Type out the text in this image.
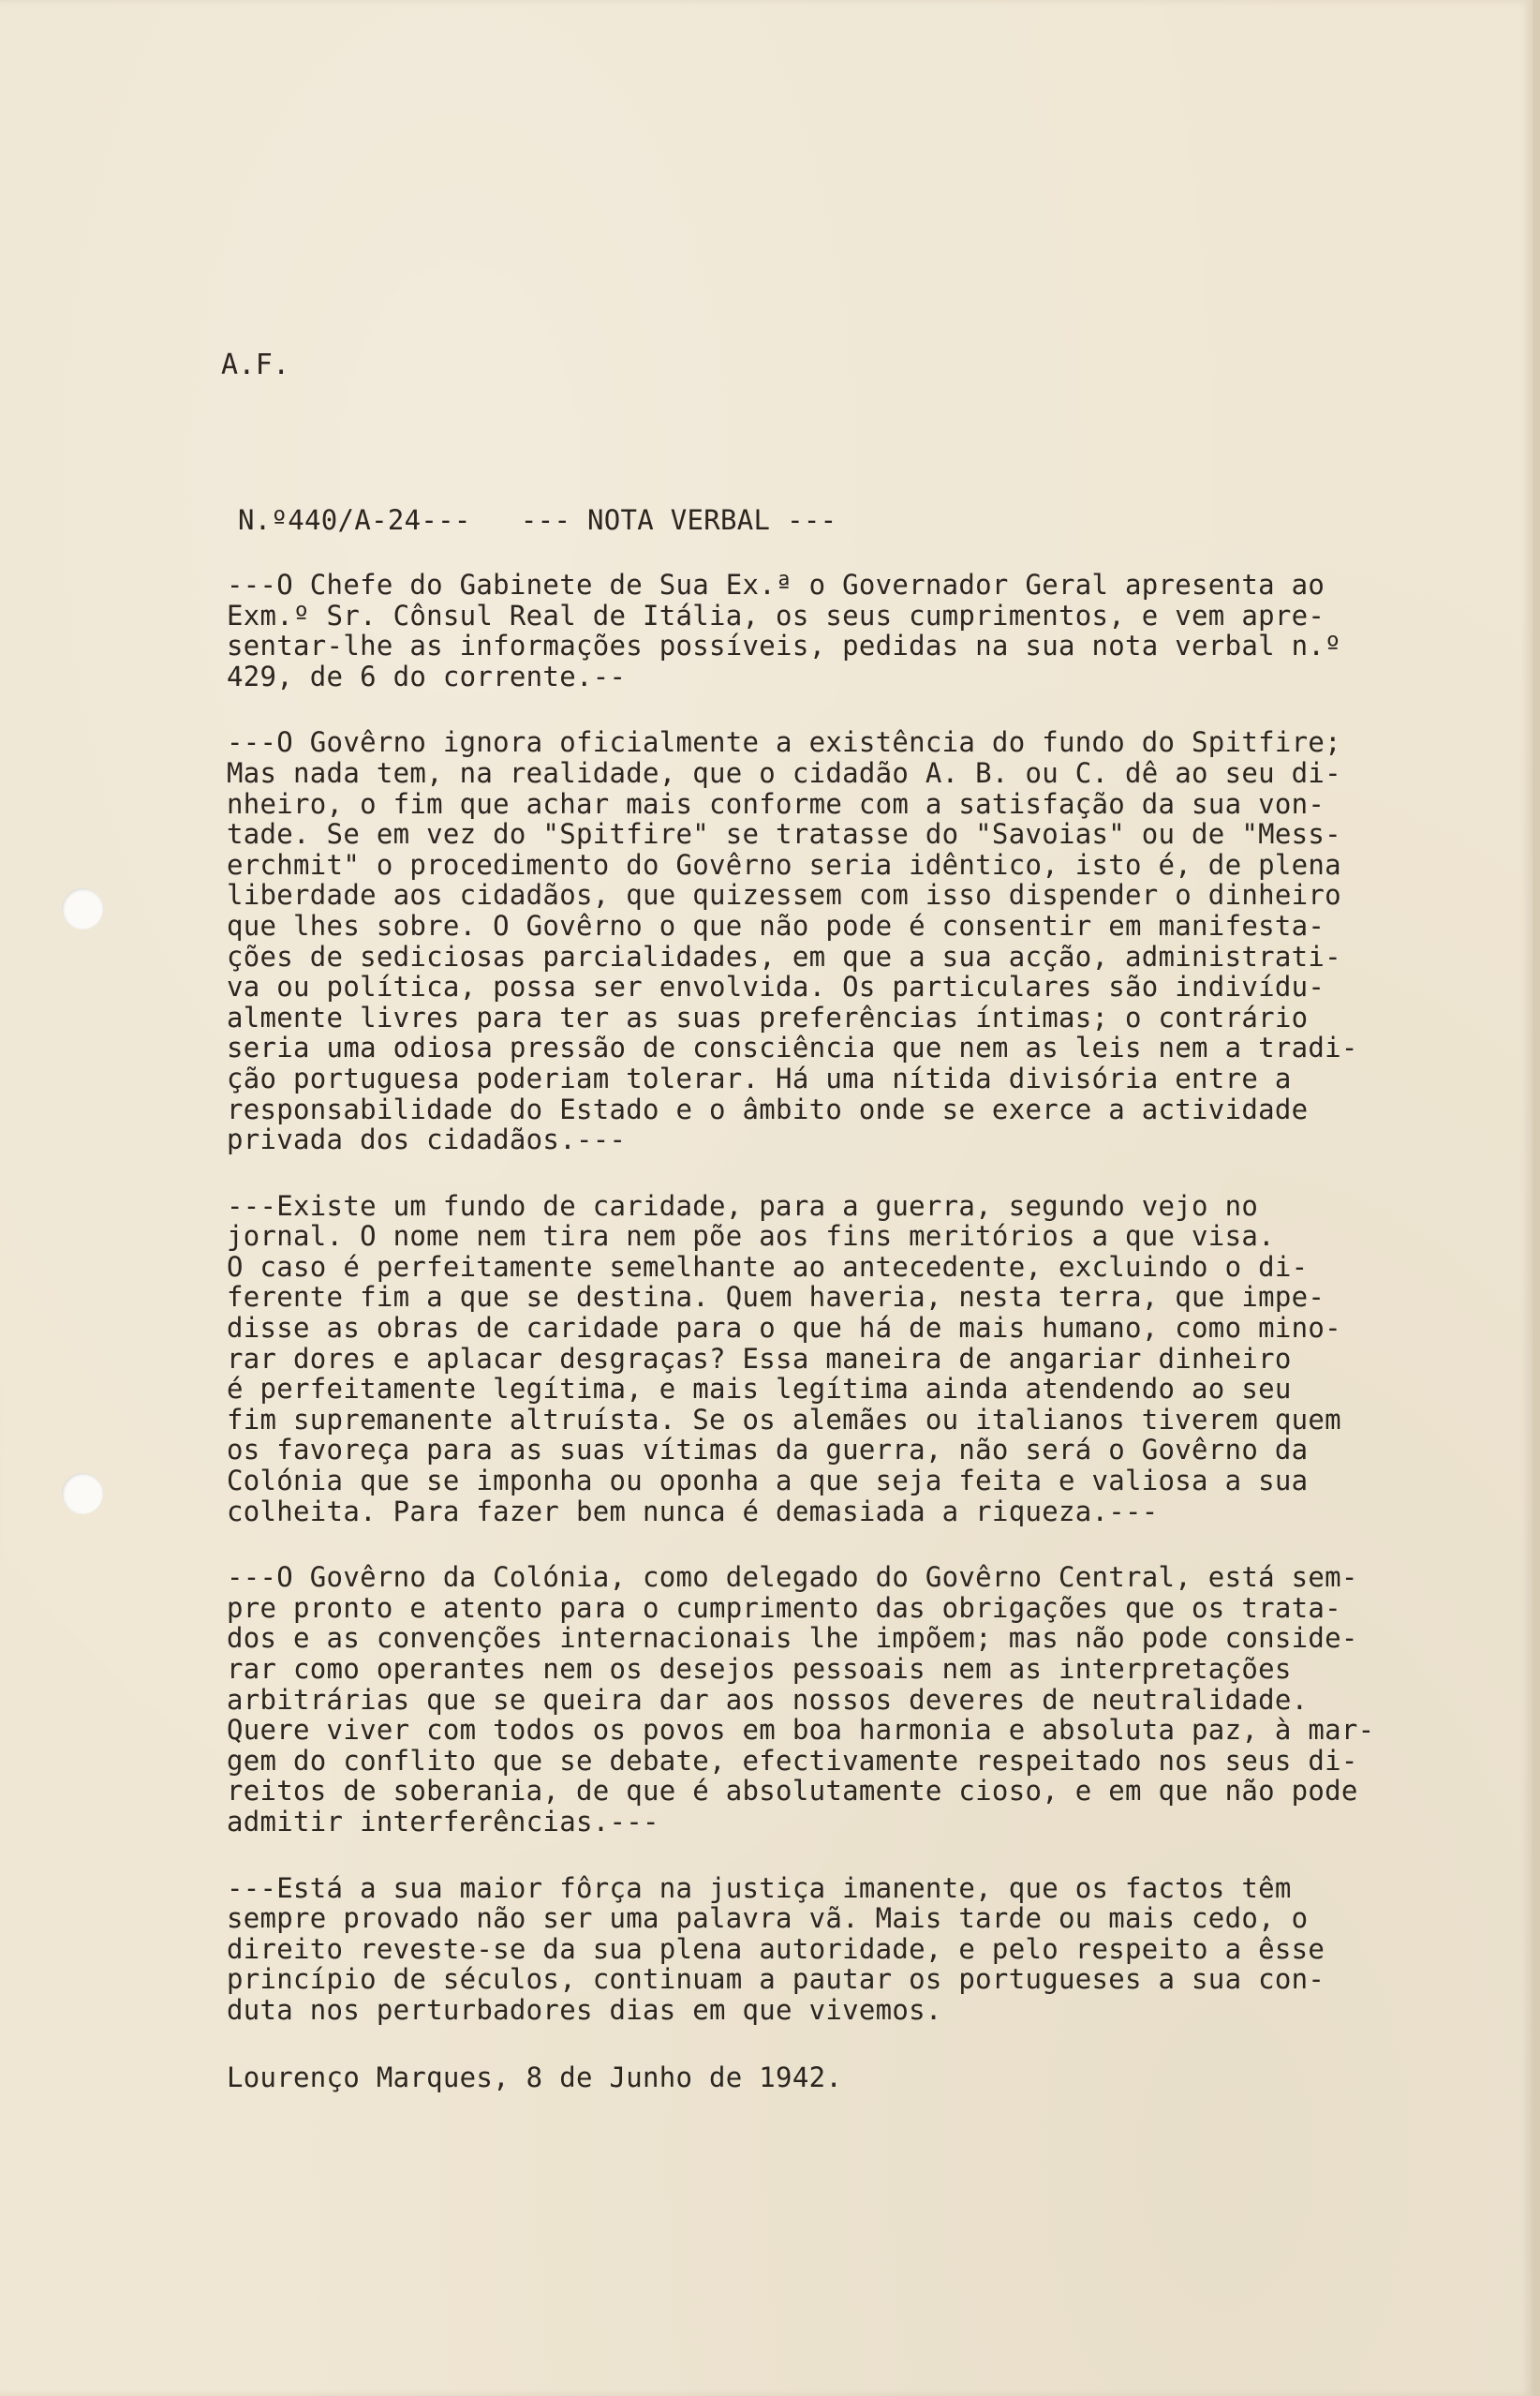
A.F.
N.º440/A-24--- --- NOTA VERBAL ---
---O Chefe do Gabinete de Sua Ex.ª o Governador Geral apresenta ao
Exm.º Sr. Cônsul Real de Itália, os seus cumprimentos, e vem apre-
sentar-lhe as informações possíveis, pedidas na sua nota verbal n.º
429, de 6 do corrente.--
---O Govêrno ignora oficialmente a existência do fundo do Spitfire;
Mas nada tem, na realidade, que o cidadão A. B. ou C. dê ao seu di-
nheiro, o fim que achar mais conforme com a satisfação da sua von-
tade. Se em vez do "Spitfire" se tratasse do "Savoias" ou de "Mess-
erchmit" o procedimento do Govêrno seria idêntico, isto é, de plena
liberdade aos cidadãos, que quizessem com isso dispender o dinheiro
que lhes sobre. O Govêrno o que não pode é consentir em manifesta-
ções de sediciosas parcialidades, em que a sua acção, administrati-
va ou política, possa ser envolvida. Os particulares são indivídu-
almente livres para ter as suas preferências íntimas; o contrário
seria uma odiosa pressão de consciência que nem as leis nem a tradi-
ção portuguesa poderiam tolerar. Há uma nítida divisória entre a
responsabilidade do Estado e o âmbito onde se exerce a actividade
privada dos cidadãos.---
---Existe um fundo de caridade, para a guerra, segundo vejo no
jornal. O nome nem tira nem põe aos fins meritórios a que visa.
O caso é perfeitamente semelhante ao antecedente, excluindo o di-
ferente fim a que se destina. Quem haveria, nesta terra, que impe-
disse as obras de caridade para o que há de mais humano, como mino-
rar dores e aplacar desgraças? Essa maneira de angariar dinheiro
é perfeitamente legítima, e mais legítima ainda atendendo ao seu
fim supremanente altruísta. Se os alemães ou italianos tiverem quem
os favoreça para as suas vítimas da guerra, não será o Govêrno da
Colónia que se imponha ou oponha a que seja feita e valiosa a sua
colheita. Para fazer bem nunca é demasiada a riqueza.---
---O Govêrno da Colónia, como delegado do Govêrno Central, está sem-
pre pronto e atento para o cumprimento das obrigações que os trata-
dos e as convenções internacionais lhe impõem; mas não pode conside-
rar como operantes nem os desejos pessoais nem as interpretações
arbitrárias que se queira dar aos nossos deveres de neutralidade.
Quere viver com todos os povos em boa harmonia e absoluta paz, à mar-
gem do conflito que se debate, efectivamente respeitado nos seus di-
reitos de soberania, de que é absolutamente cioso, e em que não pode
admitir interferências.---
---Está a sua maior fôrça na justiça imanente, que os factos têm
sempre provado não ser uma palavra vã. Mais tarde ou mais cedo, o
direito reveste-se da sua plena autoridade, e pelo respeito a êsse
princípio de séculos, continuam a pautar os portugueses a sua con-
duta nos perturbadores dias em que vivemos.
Lourenço Marques, 8 de Junho de 1942.
